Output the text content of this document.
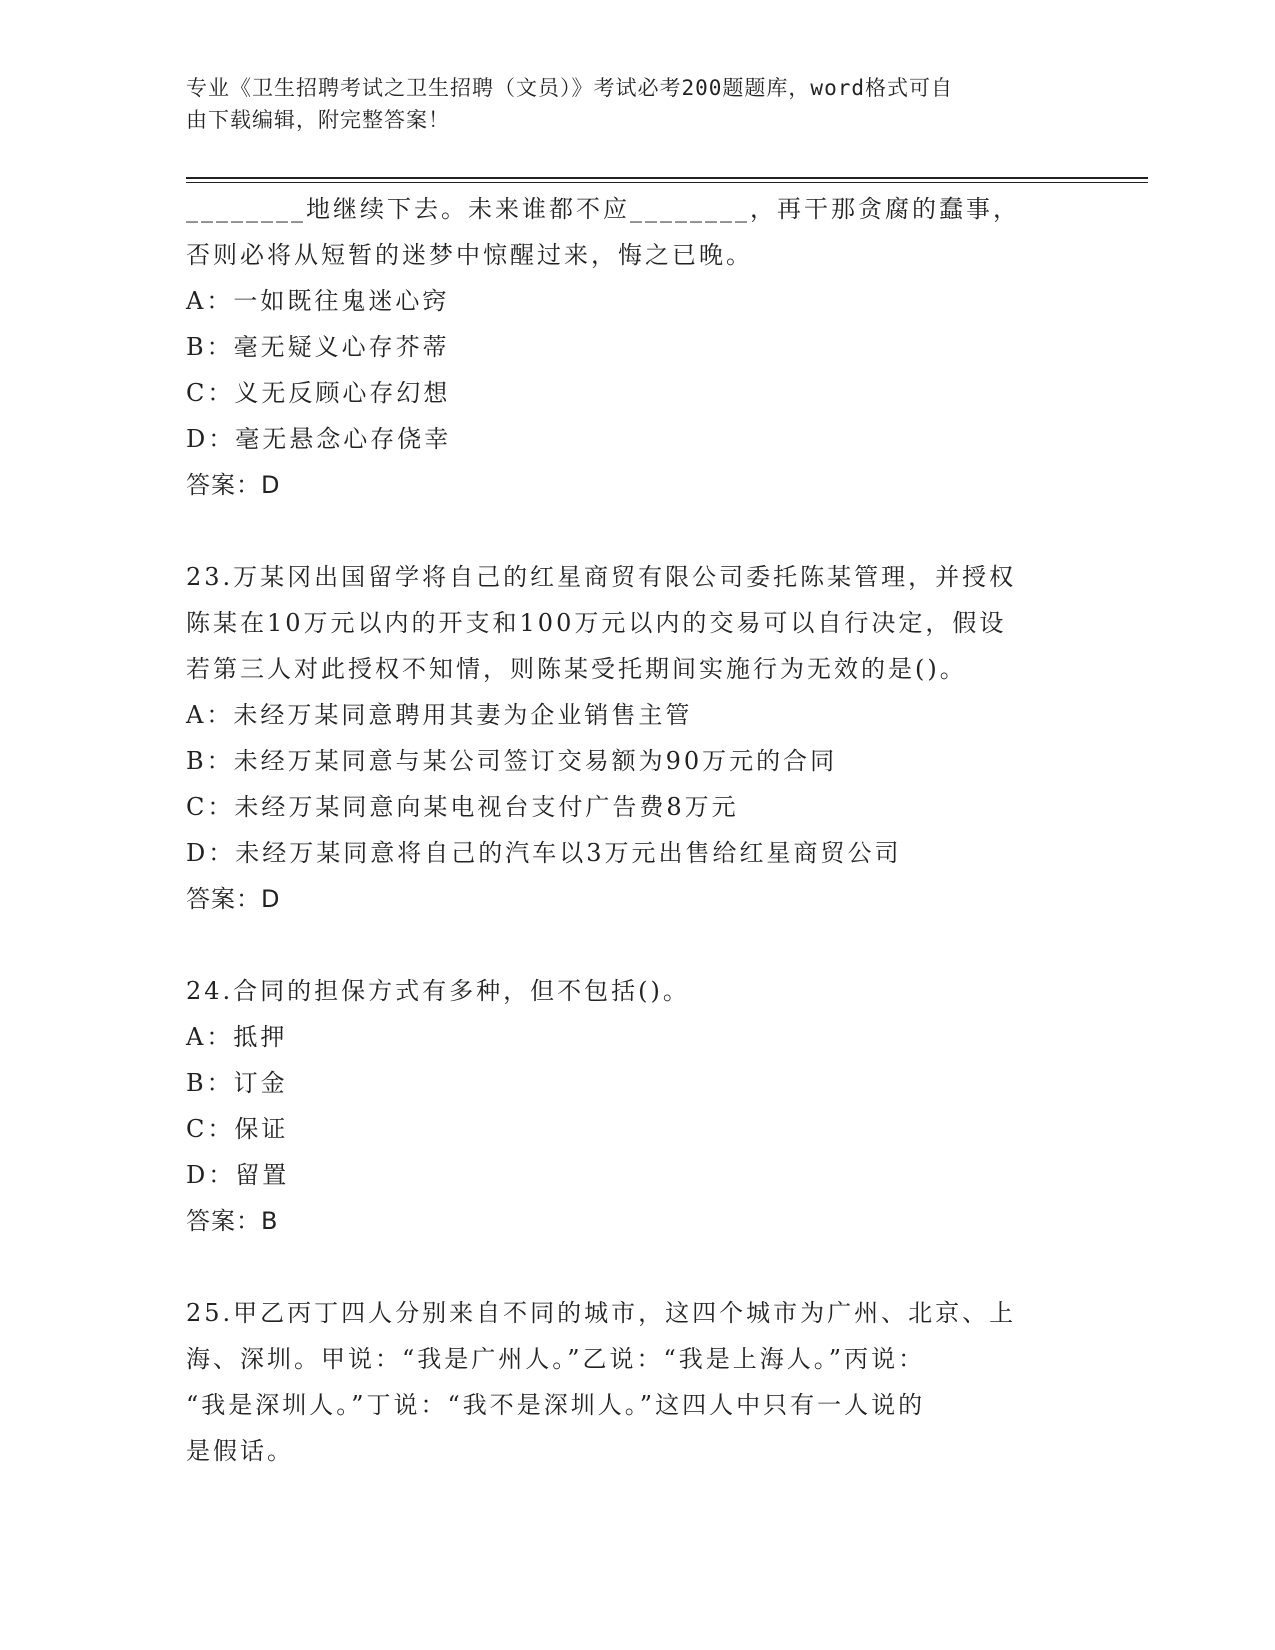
专业《卫生招聘考试之卫生招聘（文员）》考试必考200题题库，word格式可自
由下载编辑，附完整答案！
________地继续下去。未来谁都不应________，再干那贪腐的蠢事，
否则必将从短暂的迷梦中惊醒过来，悔之已晚。
A：一如既往鬼迷心窍
B：毫无疑义心存芥蒂
C：义无反顾心存幻想
D：毫无悬念心存侥幸
答案：D
23.万某冈出国留学将自己的红星商贸有限公司委托陈某管理，并授权
陈某在10万元以内的开支和100万元以内的交易可以自行决定，假设
若第三人对此授权不知情，则陈某受托期间实施行为无效的是()。
A：未经万某同意聘用其妻为企业销售主管
B：未经万某同意与某公司签订交易额为90万元的合同
C：未经万某同意向某电视台支付广告费8万元
D：未经万某同意将自己的汽车以3万元出售给红星商贸公司
答案：D
24.合同的担保方式有多种，但不包括()。
A：抵押
B：订金
C：保证
D：留置
答案：B
25.甲乙丙丁四人分别来自不同的城市，这四个城市为广州、北京、上
海、深圳。甲说：“我是广州人。”乙说：“我是上海人。”丙说：
“我是深圳人。”丁说：“我不是深圳人。”这四人中只有一人说的
是假话。
